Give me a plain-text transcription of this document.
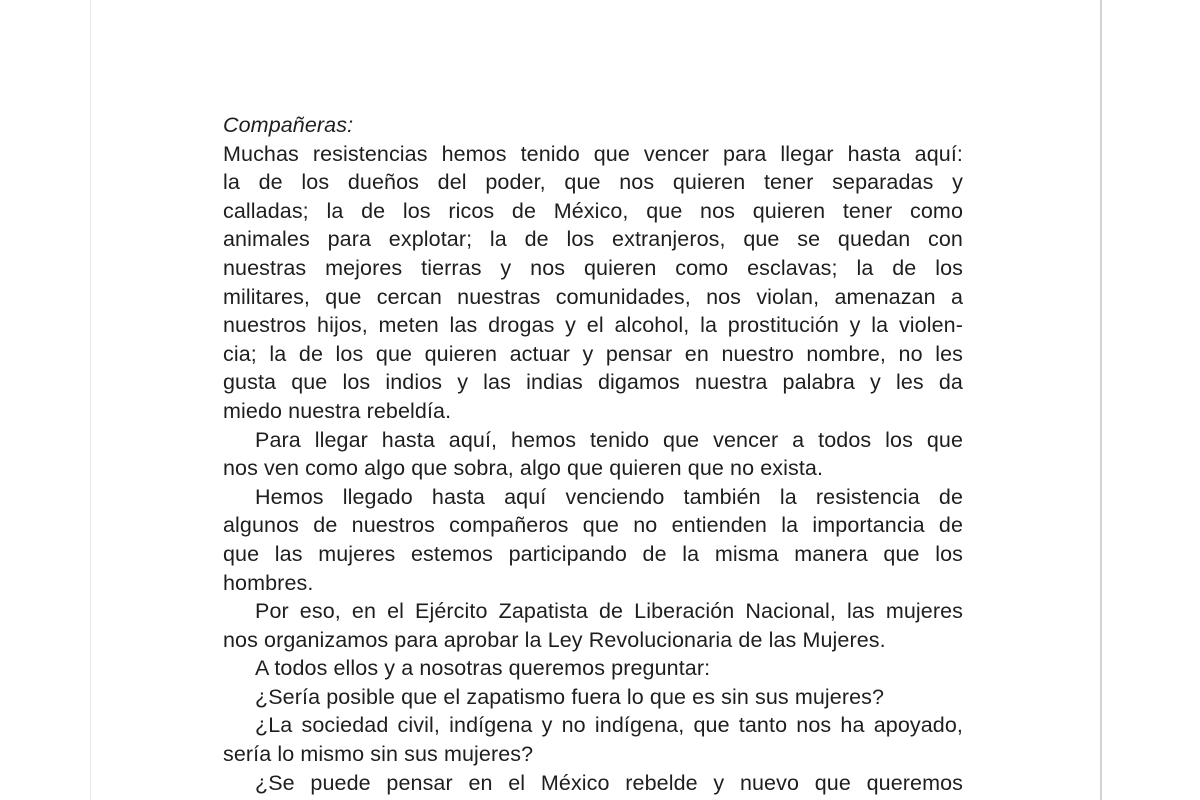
Compañeras:
Muchas resistencias hemos tenido que vencer para llegar hasta aquí:
la de los dueños del poder, que nos quieren tener separadas y
calladas; la de los ricos de México, que nos quieren tener como
animales para explotar; la de los extranjeros, que se quedan con
nuestras mejores tierras y nos quieren como esclavas; la de los
militares, que cercan nuestras comunidades, nos violan, amenazan a
nuestros hijos, meten las drogas y el alcohol, la prostitución y la violen-
cia; la de los que quieren actuar y pensar en nuestro nombre, no les
gusta que los indios y las indias digamos nuestra palabra y les da
miedo nuestra rebeldía.
Para llegar hasta aquí, hemos tenido que vencer a todos los que
nos ven como algo que sobra, algo que quieren que no exista.
Hemos llegado hasta aquí venciendo también la resistencia de
algunos de nuestros compañeros que no entienden la importancia de
que las mujeres estemos participando de la misma manera que los
hombres.
Por eso, en el Ejército Zapatista de Liberación Nacional, las mujeres
nos organizamos para aprobar la Ley Revolucionaria de las Mujeres.
A todos ellos y a nosotras queremos preguntar:
¿Sería posible que el zapatismo fuera lo que es sin sus mujeres?
¿La sociedad civil, indígena y no indígena, que tanto nos ha apoyado,
sería lo mismo sin sus mujeres?
¿Se puede pensar en el México rebelde y nuevo que queremos
